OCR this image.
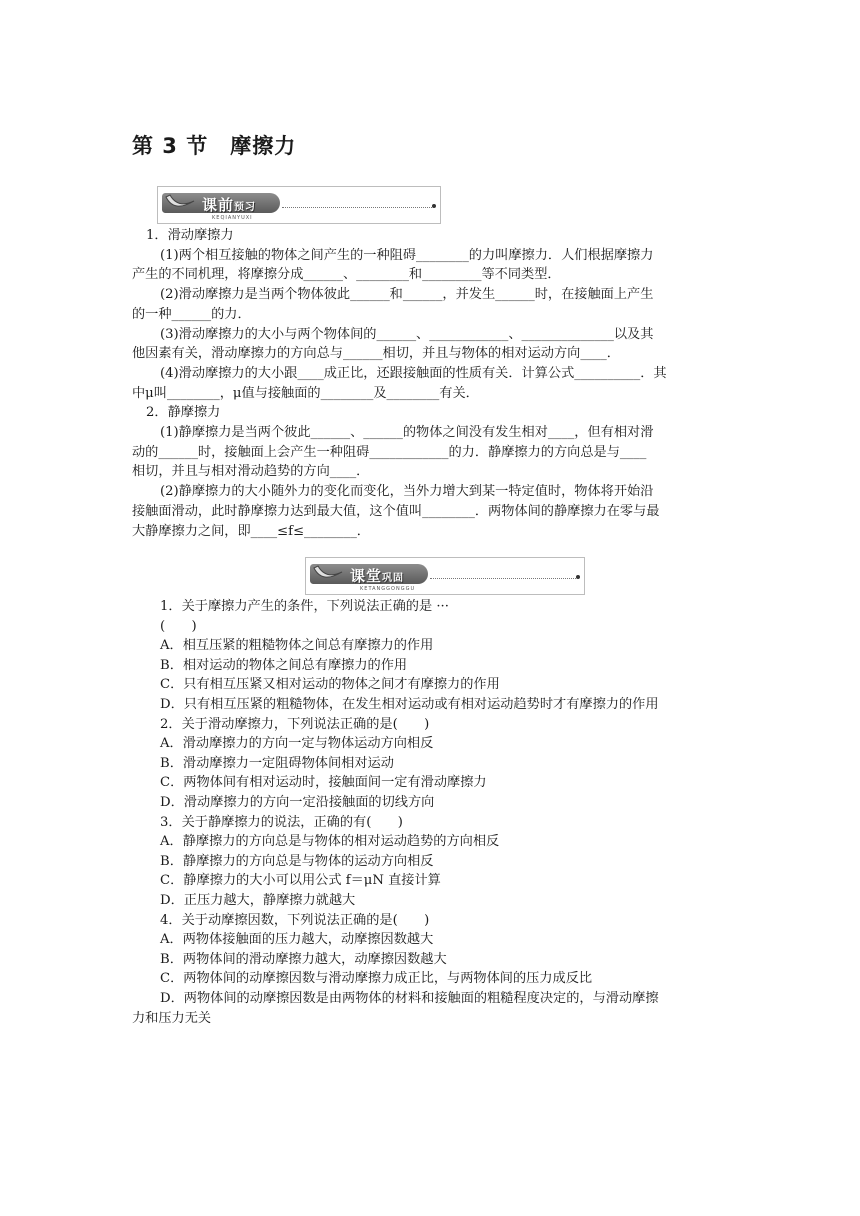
第 3 节　摩擦力
课前预习
KEQIANYUXI
1．滑动摩擦力
(1)两个相互接触的物体之间产生的一种阻碍________的力叫摩擦力．人们根据摩擦力
产生的不同机理，将摩擦分成______、________和_________等不同类型．
(2)滑动摩擦力是当两个物体彼此______和______，并发生______时，在接触面上产生
的一种______的力．
(3)滑动摩擦力的大小与两个物体间的______、____________、______________以及其
他因素有关，滑动摩擦力的方向总与______相切，并且与物体的相对运动方向____．
(4)滑动摩擦力的大小跟____成正比，还跟接触面的性质有关．计算公式__________．其
中μ叫________，μ值与接触面的________及________有关．
2．静摩擦力
(1)静摩擦力是当两个彼此______、______的物体之间没有发生相对____，但有相对滑
动的______时，接触面上会产生一种阻碍____________的力．静摩擦力的方向总是与____
相切，并且与相对滑动趋势的方向____．
(2)静摩擦力的大小随外力的变化而变化，当外力增大到某一特定值时，物体将开始沿
接触面滑动，此时静摩擦力达到最大值，这个值叫________．两物体间的静摩擦力在零与最
大静摩擦力之间，即____≤f≤________．
课堂巩固
KETANGGONGGU
1．关于摩擦力产生的条件，下列说法正确的是 ···
(　　)
A．相互压紧的粗糙物体之间总有摩擦力的作用
B．相对运动的物体之间总有摩擦力的作用
C．只有相互压紧又相对运动的物体之间才有摩擦力的作用
D．只有相互压紧的粗糙物体，在发生相对运动或有相对运动趋势时才有摩擦力的作用
2．关于滑动摩擦力，下列说法正确的是(　　)
A．滑动摩擦力的方向一定与物体运动方向相反
B．滑动摩擦力一定阻碍物体间相对运动
C．两物体间有相对运动时，接触面间一定有滑动摩擦力
D．滑动摩擦力的方向一定沿接触面的切线方向
3．关于静摩擦力的说法，正确的有(　　)
A．静摩擦力的方向总是与物体的相对运动趋势的方向相反
B．静摩擦力的方向总是与物体的运动方向相反
C．静摩擦力的大小可以用公式 f＝μN 直接计算
D．正压力越大，静摩擦力就越大
4．关于动摩擦因数，下列说法正确的是(　　)
A．两物体接触面的压力越大，动摩擦因数越大
B．两物体间的滑动摩擦力越大，动摩擦因数越大
C．两物体间的动摩擦因数与滑动摩擦力成正比，与两物体间的压力成反比
D．两物体间的动摩擦因数是由两物体的材料和接触面的粗糙程度决定的，与滑动摩擦
力和压力无关
